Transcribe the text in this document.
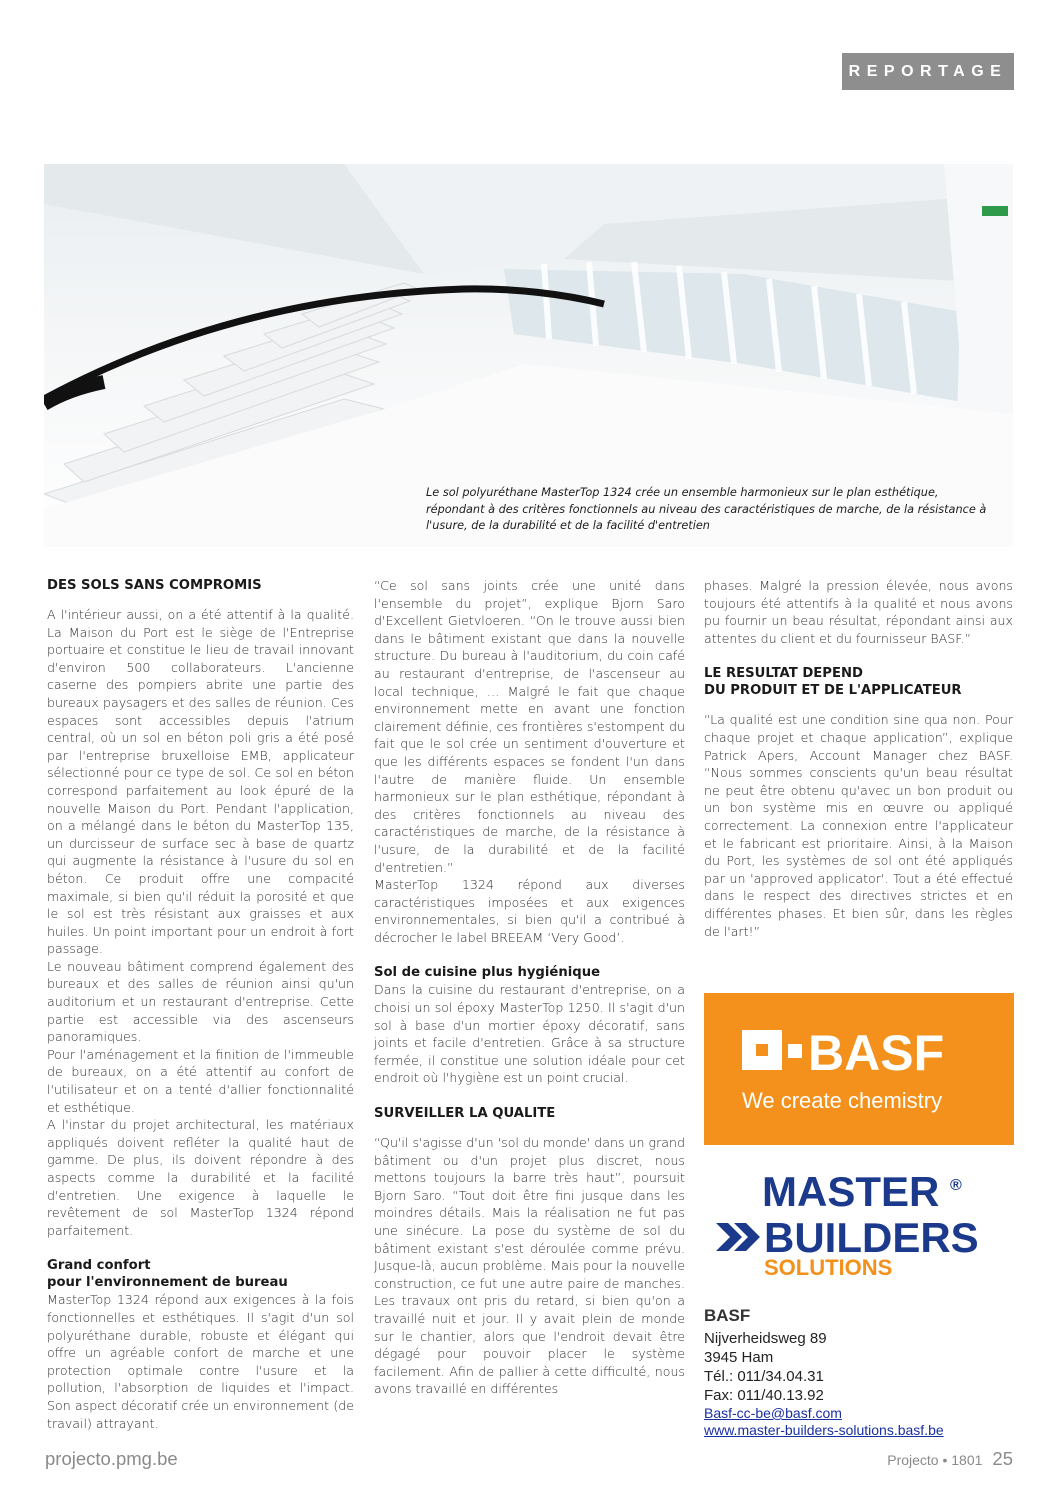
REPORTAGE

Le sol polyuréthane MasterTop 1324 crée un ensemble harmonieux sur le plan esthétique, répondant à des critères fonctionnels au niveau des caractéristiques de marche, de la résistance à l'usure, de la durabilité et de la facilité d'entretien

DES SOLS SANS COMPROMIS

A l'intérieur aussi, on a été attentif à la qualité. La Maison du Port est le siège de l'Entreprise portuaire et constitue le lieu de travail innovant d'environ 500 collaborateurs. L'ancienne caserne des pompiers abrite une partie des bureaux paysagers et des salles de réunion. Ces espaces sont accessibles depuis l'atrium central, où un sol en béton poli gris a été posé par l'entreprise bruxelloise EMB, applicateur sélectionné pour ce type de sol. Ce sol en béton correspond parfaitement au look épuré de la nouvelle Maison du Port. Pendant l'application, on a mélangé dans le béton du MasterTop 135, un durcisseur de surface sec à base de quartz qui augmente la résistance à l'usure du sol en béton. Ce produit offre une compacité maximale, si bien qu'il réduit la porosité et que le sol est très résistant aux graisses et aux huiles. Un point important pour un endroit à fort passage.

Le nouveau bâtiment comprend également des bureaux et des salles de réunion ainsi qu'un auditorium et un restaurant d'entreprise. Cette partie est accessible via des ascenseurs panoramiques.

Pour l'aménagement et la finition de l'immeuble de bureaux, on a été attentif au confort de l'utilisateur et on a tenté d'allier fonctionnalité et esthétique.

A l'instar du projet architectural, les matériaux appliqués doivent refléter la qualité haut de gamme. De plus, ils doivent répondre à des aspects comme la durabilité et la facilité d'entretien. Une exigence à laquelle le revêtement de sol MasterTop 1324 répond parfaitement.

Grand confort
pour l'environnement de bureau

MasterTop 1324 répond aux exigences à la fois fonctionnelles et esthétiques. Il s'agit d'un sol polyuréthane durable, robuste et élégant qui offre un agréable confort de marche et une protection optimale contre l'usure et la pollution, l'absorption de liquides et l'impact. Son aspect décoratif crée un environnement (de travail) attrayant.

“Ce sol sans joints crée une unité dans l'ensemble du projet”, explique Bjorn Saro d'Excellent Gietvloeren. “On le trouve aussi bien dans le bâtiment existant que dans la nouvelle structure. Du bureau à l'auditorium, du coin café au restaurant d'entreprise, de l'ascenseur au local technique, … Malgré le fait que chaque environnement mette en avant une fonction clairement définie, ces frontières s'estompent du fait que le sol crée un sentiment d'ouverture et que les différents espaces se fondent l'un dans l'autre de manière fluide. Un ensemble harmonieux sur le plan esthétique, répondant à des critères fonctionnels au niveau des caractéristiques de marche, de la résistance à l'usure, de la durabilité et de la facilité d'entretien.”

MasterTop 1324 répond aux diverses caractéristiques imposées et aux exigences environnementales, si bien qu'il a contribué à décrocher le label BREEAM ‘Very Good’.

Sol de cuisine plus hygiénique

Dans la cuisine du restaurant d'entreprise, on a choisi un sol époxy MasterTop 1250. Il s'agit d'un sol à base d'un mortier époxy décoratif, sans joints et facile d'entretien. Grâce à sa structure fermée, il constitue une solution idéale pour cet endroit où l'hygiène est un point crucial.

SURVEILLER LA QUALITE

“Qu'il s'agisse d'un 'sol du monde' dans un grand bâtiment ou d'un projet plus discret, nous mettons toujours la barre très haut”, poursuit Bjorn Saro. “Tout doit être fini jusque dans les moindres détails. Mais la réalisation ne fut pas une sinécure. La pose du système de sol du bâtiment existant s'est déroulée comme prévu. Jusque-là, aucun problème. Mais pour la nouvelle construction, ce fut une autre paire de manches. Les travaux ont pris du retard, si bien qu'on a travaillé nuit et jour. Il y avait plein de monde sur le chantier, alors que l'endroit devait être dégagé pour pouvoir placer le système facilement. Afin de pallier à cette difficulté, nous avons travaillé en différentes

phases. Malgré la pression élevée, nous avons toujours été attentifs à la qualité et nous avons pu fournir un beau résultat, répondant ainsi aux attentes du client et du fournisseur BASF.”

LE RESULTAT DEPEND
DU PRODUIT ET DE L'APPLICATEUR

“La qualité est une condition sine qua non. Pour chaque projet et chaque application”, explique Patrick Apers, Account Manager chez BASF. “Nous sommes conscients qu'un beau résultat ne peut être obtenu qu'avec un bon produit ou un bon système mis en œuvre ou appliqué correctement. La connexion entre l'applicateur et le fabricant est prioritaire. Ainsi, à la Maison du Port, les systèmes de sol ont été appliqués par un 'approved applicator'. Tout a été effectué dans le respect des directives strictes et en différentes phases. Et bien sûr, dans les règles de l'art!”

BASF
We create chemistry
MASTER ®
BUILDERS
SOLUTIONS

BASF

Nijverheidsweg 89

3945 Ham

Tél.: 011/34.04.31

Fax: 011/40.13.92

Basf-cc-be@basf.com
www.master-builders-solutions.basf.be
projecto.pmg.be	Projecto • 1801 25
